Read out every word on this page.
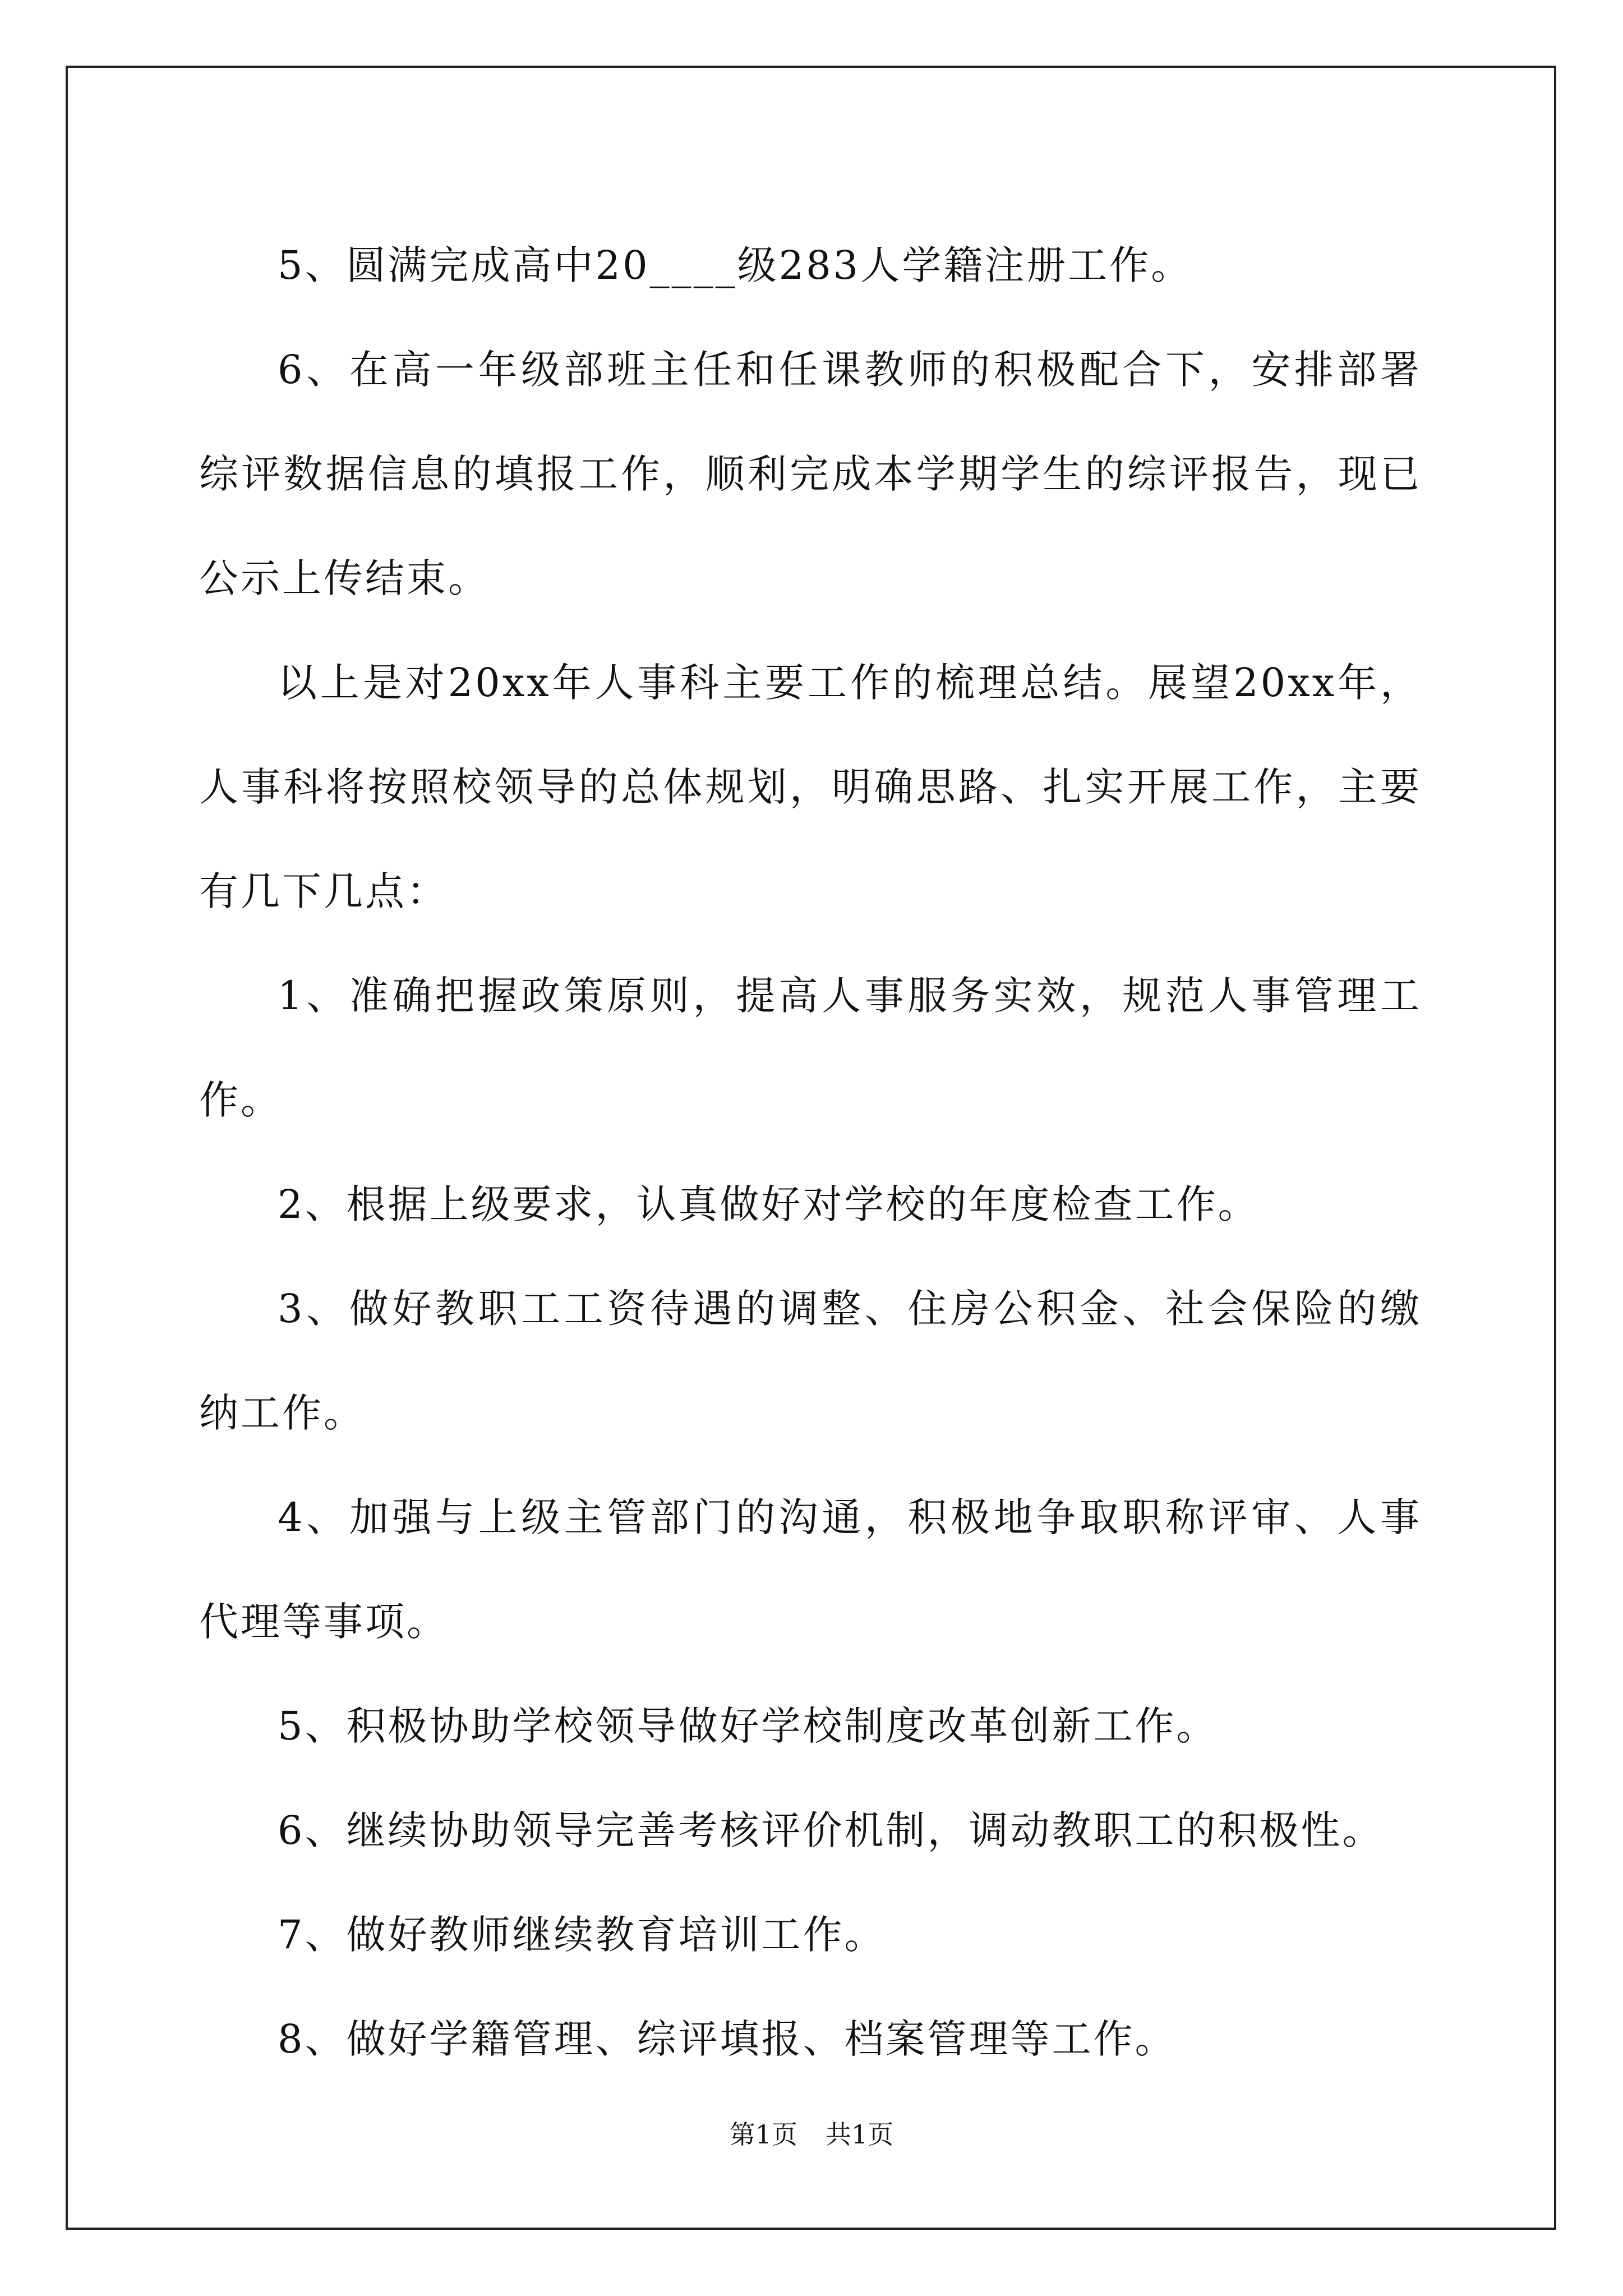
5、圆满完成高中20____级283人学籍注册工作。

6、在高一年级部班主任和任课教师的积极配合下，安排部署综评数据信息的填报工作，顺利完成本学期学生的综评报告，现已公示上传结束。

以上是对20xx年人事科主要工作的梳理总结。展望20xx年，人事科将按照校领导的总体规划，明确思路、扎实开展工作，主要有几下几点：

1、准确把握政策原则，提高人事服务实效，规范人事管理工作。

2、根据上级要求，认真做好对学校的年度检查工作。

3、做好教职工工资待遇的调整、住房公积金、社会保险的缴纳工作。

4、加强与上级主管部门的沟通，积极地争取职称评审、人事代理等事项。

5、积极协助学校领导做好学校制度改革创新工作。

6、继续协助领导完善考核评价机制，调动教职工的积极性。

7、做好教师继续教育培训工作。

8、做好学籍管理、综评填报、档案管理等工作。

第1页 共1页
